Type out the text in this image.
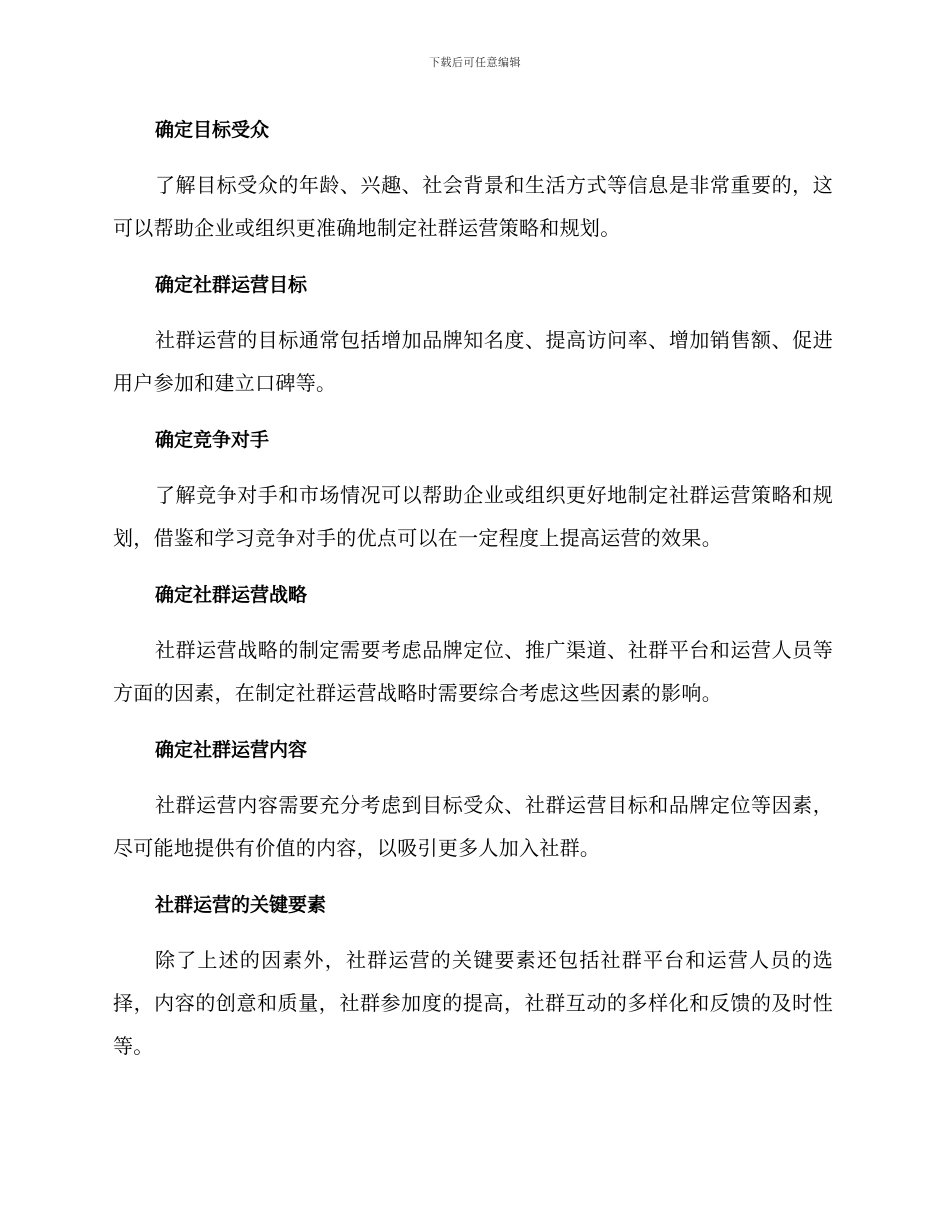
下载后可任意编辑
确定目标受众
了解目标受众的年龄、兴趣、社会背景和生活方式等信息是非常重要的，这可以帮助企业或组织更准确地制定社群运营策略和规划。
确定社群运营目标
社群运营的目标通常包括增加品牌知名度、提高访问率、增加销售额、促进用户参加和建立口碑等。
确定竞争对手
了解竞争对手和市场情况可以帮助企业或组织更好地制定社群运营策略和规划，借鉴和学习竞争对手的优点可以在一定程度上提高运营的效果。
确定社群运营战略
社群运营战略的制定需要考虑品牌定位、推广渠道、社群平台和运营人员等方面的因素，在制定社群运营战略时需要综合考虑这些因素的影响。
确定社群运营内容
社群运营内容需要充分考虑到目标受众、社群运营目标和品牌定位等因素，尽可能地提供有价值的内容，以吸引更多人加入社群。
社群运营的关键要素
除了上述的因素外，社群运营的关键要素还包括社群平台和运营人员的选择，内容的创意和质量，社群参加度的提高，社群互动的多样化和反馈的及时性等。
